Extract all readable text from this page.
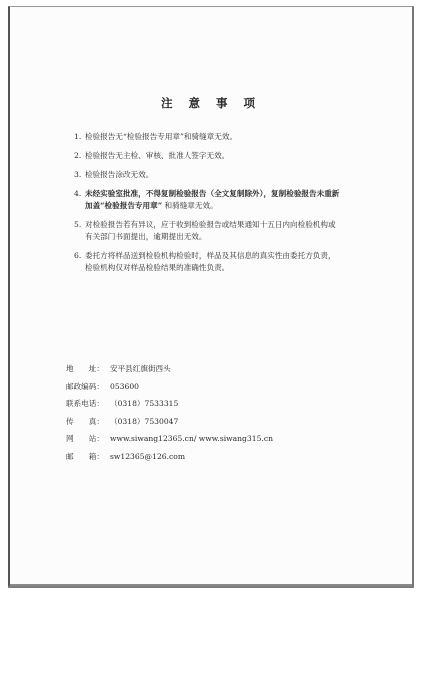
注 意 事 项
1. 检验报告无“检验报告专用章”和骑缝章无效。
2. 检验报告无主检、审核、批准人签字无效。
3. 检验报告涂改无效。
4. 未经实验室批准，不得复制检验报告（全文复制除外），复制检验报告未重新
加盖“检验报告专用章” 和骑缝章无效。
5. 对检验报告若有异议，应于收到检验报告或结果通知十五日内向检验机构或
有关部门书面提出，逾期提出无效。
6. 委托方将样品送到检验机构检验时，样品及其信息的真实性由委托方负责，
检验机构仅对样品检验结果的准确性负责。
地　　址： 安平县红旗街西头
邮政编码： 053600
联系电话： （0318）7533315
传　　真： （0318）7530047
网　　站： www.siwang12365.cn/ www.siwang315.cn
邮　　箱： sw12365@126.com
